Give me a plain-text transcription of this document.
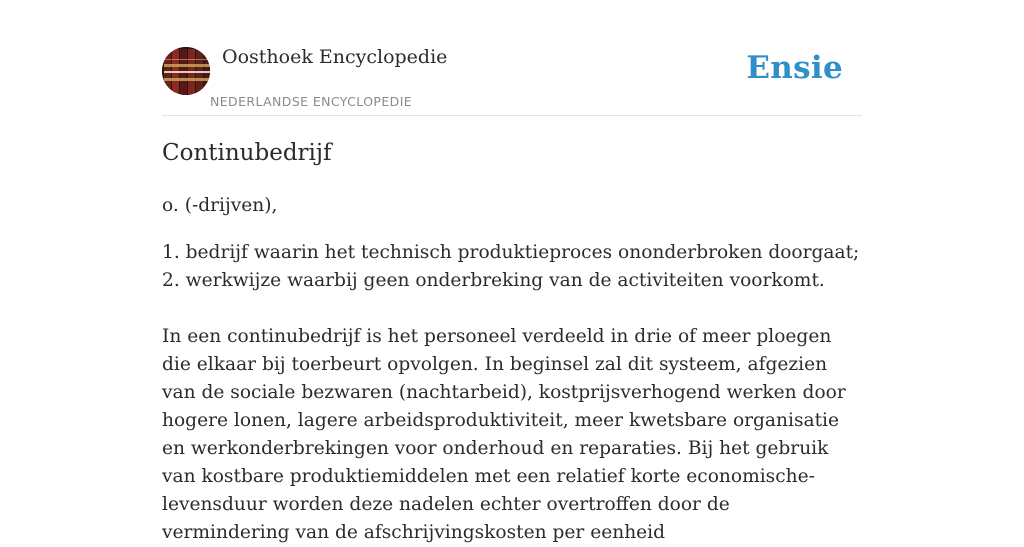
Oosthoek Encyclopedie
NEDERLANDSE ENCYCLOPEDIE
Ensie
Continubedrijf

o. (-drijven),

1. bedrijf waarin het technisch produktieproces ononderbroken doorgaat;
2. werkwijze waarbij geen onderbreking van de activiteiten voorkomt.

In een continubedrijf is het personeel verdeeld in drie of meer ploegen die elkaar bij toerbeurt opvolgen. In beginsel zal dit systeem, afgezien van de sociale bezwaren (nachtarbeid), kostprijsverhogend werken door hogere lonen, lagere arbeidsproduktiviteit, meer kwetsbare organisatie en werkonderbrekingen voor onderhoud en reparaties. Bij het gebruik van kostbare produktiemiddelen met een relatief korte economische-levensduur worden deze nadelen echter overtroffen door de vermindering van de afschrijvingskosten per eenheid
